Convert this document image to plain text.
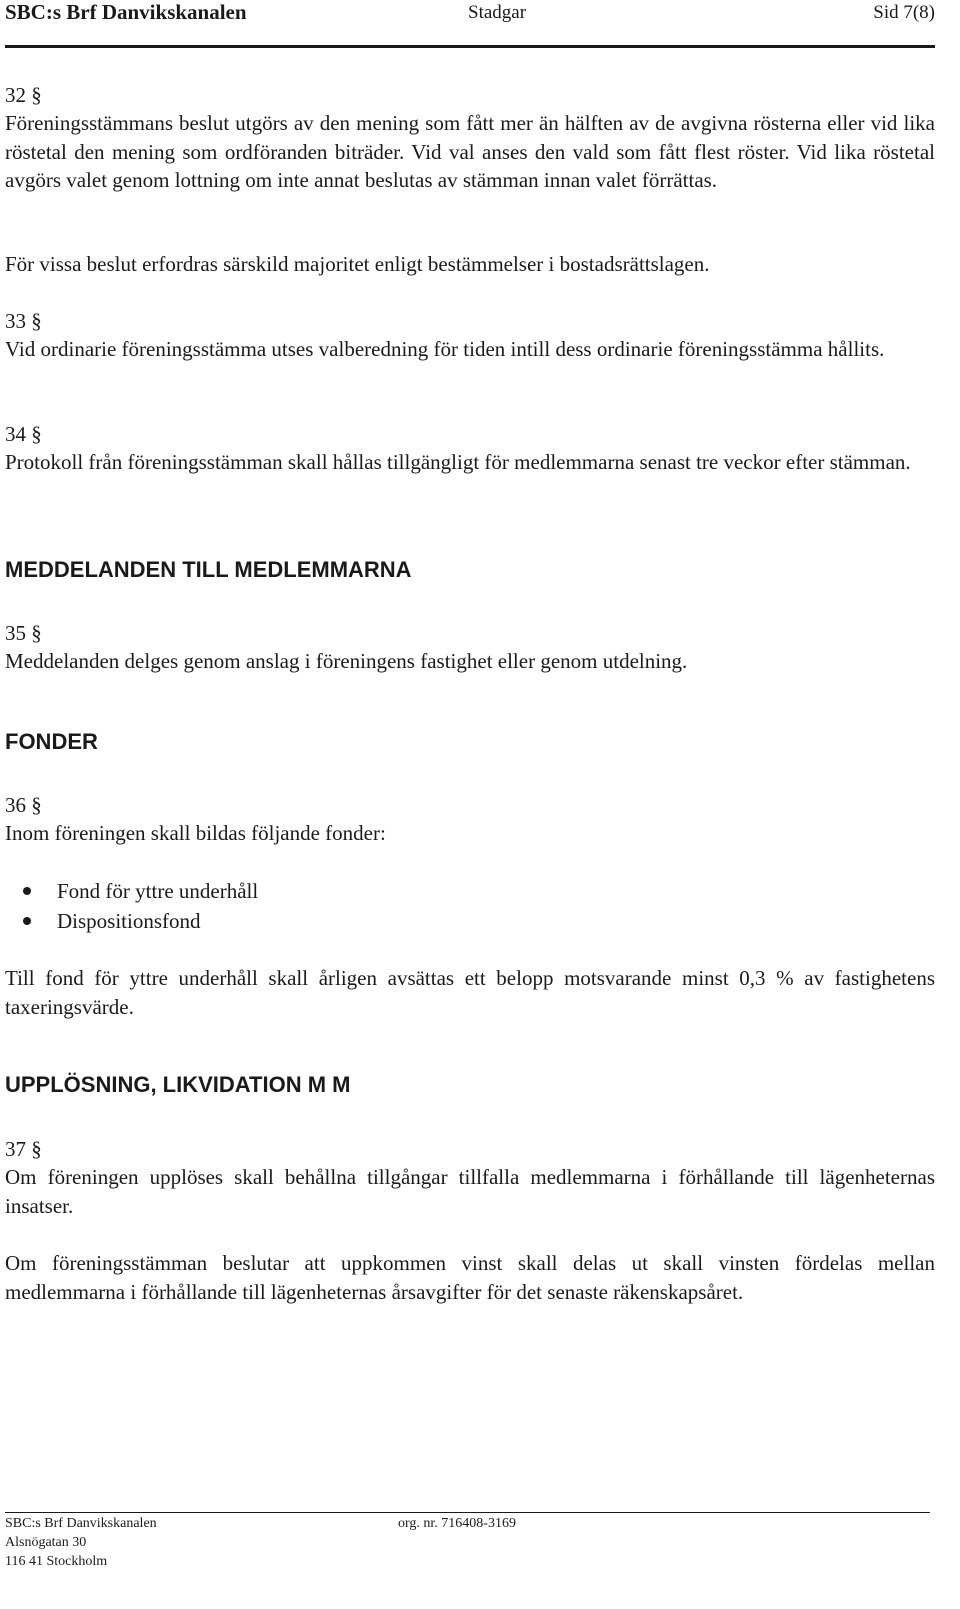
SBC:s Brf Danvikskanalen	Stadgar	Sid 7(8)

32 §

Föreningsstämmans beslut utgörs av den mening som fått mer än hälften av de avgivna rösterna eller vid lika röstetal den mening som ordföranden biträder. Vid val anses den vald som fått flest röster. Vid lika röstetal avgörs valet genom lottning om inte annat beslutas av stämman innan valet förrättas.

För vissa beslut erfordras särskild majoritet enligt bestämmelser i bostadsrättslagen.

33 §

Vid ordinarie föreningsstämma utses valberedning för tiden intill dess ordinarie föreningsstämma hållits.

34 §

Protokoll från föreningsstämman skall hållas tillgängligt för medlemmarna senast tre veckor efter stämman.

MEDDELANDEN TILL MEDLEMMARNA

35 §

Meddelanden delges genom anslag i föreningens fastighet eller genom utdelning.

FONDER

36 §

Inom föreningen skall bildas följande fonder:

Fond för yttre underhåll
Dispositionsfond

Till fond för yttre underhåll skall årligen avsättas ett belopp motsvarande minst 0,3 % av fastighetens taxeringsvärde.

UPPLÖSNING, LIKVIDATION M M

37 §

Om föreningen upplöses skall behållna tillgångar tillfalla medlemmarna i förhållande till lägenheternas insatser.

Om föreningsstämman beslutar att uppkommen vinst skall delas ut skall vinsten fördelas mellan medlemmarna i förhållande till lägenheternas årsavgifter för det senaste räkenskapsåret.

SBC:s Brf Danvikskanalen	org. nr. 716408-3169
Alsnögatan 30
116 41 Stockholm
